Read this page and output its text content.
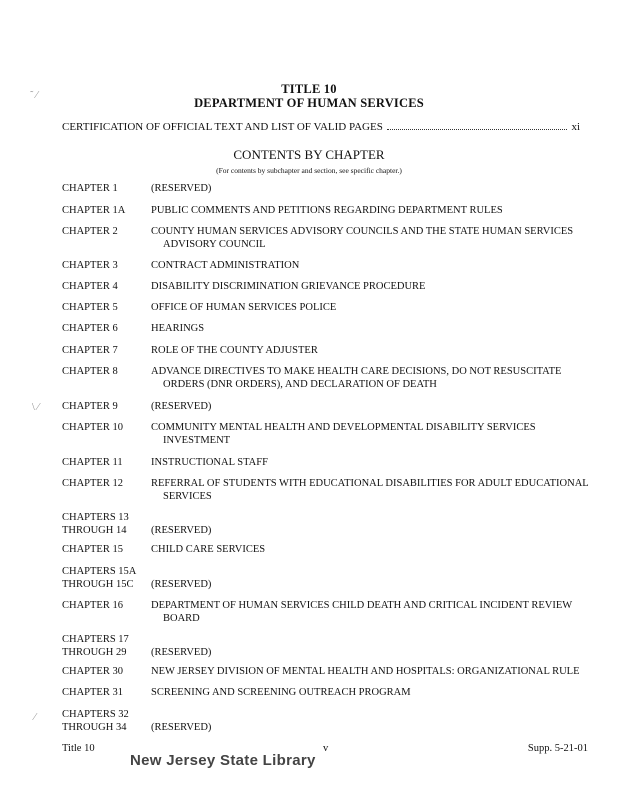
TITLE 10
DEPARTMENT OF HUMAN SERVICES
CERTIFICATION OF OFFICIAL TEXT AND LIST OF VALID PAGES	xi
CONTENTS BY CHAPTER
(For contents by subchapter and section, see specific chapter.)
CHAPTER 1	(RESERVED)
CHAPTER 1A	PUBLIC COMMENTS AND PETITIONS REGARDING DEPARTMENT RULES
CHAPTER 2	COUNTY HUMAN SERVICES ADVISORY COUNCILS AND THE STATE HUMAN SERVICES
ADVISORY COUNCIL
CHAPTER 3	CONTRACT ADMINISTRATION
CHAPTER 4	DISABILITY DISCRIMINATION GRIEVANCE PROCEDURE
CHAPTER 5	OFFICE OF HUMAN SERVICES POLICE
CHAPTER 6	HEARINGS
CHAPTER 7	ROLE OF THE COUNTY ADJUSTER
CHAPTER 8	ADVANCE DIRECTIVES TO MAKE HEALTH CARE DECISIONS, DO NOT RESUSCITATE
ORDERS (DNR ORDERS), AND DECLARATION OF DEATH
CHAPTER 9	(RESERVED)
CHAPTER 10	COMMUNITY MENTAL HEALTH AND DEVELOPMENTAL DISABILITY SERVICES
INVESTMENT
CHAPTER 11	INSTRUCTIONAL STAFF
CHAPTER 12	REFERRAL OF STUDENTS WITH EDUCATIONAL DISABILITIES FOR ADULT EDUCATIONAL
SERVICES
CHAPTERS 13
THROUGH 14	(RESERVED)
CHAPTER 15	CHILD CARE SERVICES
CHAPTERS 15A
THROUGH 15C	(RESERVED)
CHAPTER 16	DEPARTMENT OF HUMAN SERVICES CHILD DEATH AND CRITICAL INCIDENT REVIEW
BOARD
CHAPTERS 17
THROUGH 29	(RESERVED)
CHAPTER 30	NEW JERSEY DIVISION OF MENTAL HEALTH AND HOSPITALS: ORGANIZATIONAL RULE
CHAPTER 31	SCREENING AND SCREENING OUTREACH PROGRAM
CHAPTERS 32
THROUGH 34	(RESERVED)
Title 10	v	Supp. 5-21-01
New Jersey State Library
˜ ⁄
\ ⁄
⁄
